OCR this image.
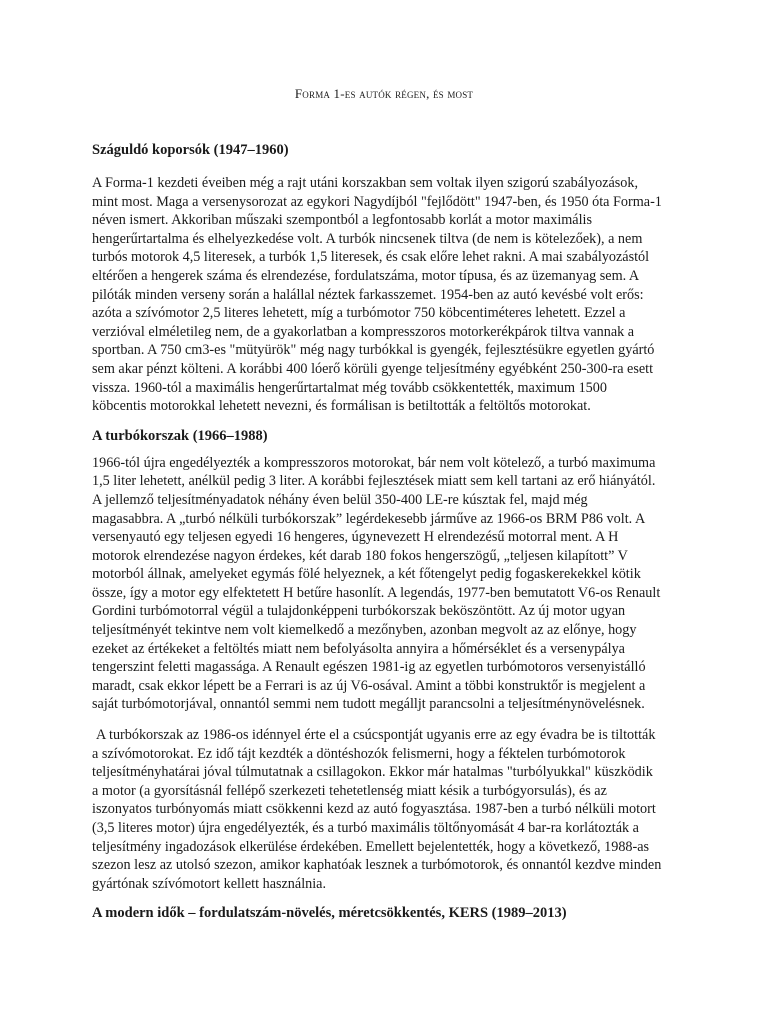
Forma 1-es autók régen, és most
Száguldó koporsók (1947–1960)

A Forma-1 kezdeti éveiben még a rajt utáni korszakban sem voltak ilyen szigorú szabályozások, mint most. Maga a versenysorozat az egykori Nagydíjból "fejlődött" 1947-ben, és 1950 óta Forma-1 néven ismert. Akkoriban műszaki szempontból a legfontosabb korlát a motor maximális hengerűrtartalma és elhelyezkedése volt. A turbók nincsenek tiltva (de nem is kötelezőek), a nem turbós motorok 4,5 literesek, a turbók 1,5 literesek, és csak előre lehet rakni. A mai szabályozástól eltérően a hengerek száma és elrendezése, fordulatszáma, motor típusa, és az üzemanyag sem. A pilóták minden verseny során a halállal néztek farkasszemet. 1954-ben az autó kevésbé volt erős: azóta a szívómotor 2,5 literes lehetett, míg a turbómotor 750 köbcentiméteres lehetett. Ezzel a verzióval elméletileg nem, de a gyakorlatban a kompresszoros motorkerékpárok tiltva vannak a sportban. A 750 cm3-es "mütyürök" még nagy turbókkal is gyengék, fejlesztésükre egyetlen gyártó sem akar pénzt költeni. A korábbi 400 lóerő körüli gyenge teljesítmény egyébként 250-300-ra esett vissza. 1960-tól a maximális hengerűrtartalmat még tovább csökkentették, maximum 1500 köbcentis motorokkal lehetett nevezni, és formálisan is betiltották a feltöltős motorokat.

A turbókorszak (1966–1988)

1966-tól újra engedélyezték a kompresszoros motorokat, bár nem volt kötelező, a turbó maximuma 1,5 liter lehetett, anélkül pedig 3 liter. A korábbi fejlesztések miatt sem kell tartani az erő hiányától. A jellemző teljesítményadatok néhány éven belül 350-400 LE-re kúsztak fel, majd még magasabbra. A „turbó nélküli turbókorszak” legérdekesebb járműve az 1966-os BRM P86 volt. A versenyautó egy teljesen egyedi 16 hengeres, úgynevezett H elrendezésű motorral ment. A H motorok elrendezése nagyon érdekes, két darab 180 fokos hengerszögű, „teljesen kilapított” V motorból állnak, amelyeket egymás fölé helyeznek, a két főtengelyt pedig fogaskerekekkel kötik össze, így a motor egy elfektetett H betűre hasonlít. A legendás, 1977-ben bemutatott V6-os Renault Gordini turbómotorral végül a tulajdonképpeni turbókorszak beköszöntött. Az új motor ugyan teljesítményét tekintve nem volt kiemelkedő a mezőnyben, azonban megvolt az az előnye, hogy ezeket az értékeket a feltöltés miatt nem befolyásolta annyira a hőmérséklet és a versenypálya tengerszint feletti magassága. A Renault egészen 1981-ig az egyetlen turbómotoros versenyistálló maradt, csak ekkor lépett be a Ferrari is az új V6-osával. Amint a többi konstruktőr is megjelent a saját turbómotorjával, onnantól semmi nem tudott megálljt parancsolni a teljesítménynövelésnek.

A turbókorszak az 1986-os idénnyel érte el a csúcspontját ugyanis erre az egy évadra be is tiltották a szívómotorokat. Ez idő tájt kezdték a döntéshozók felismerni, hogy a féktelen turbómotorok teljesítményhatárai jóval túlmutatnak a csillagokon. Ekkor már hatalmas "turbólyukkal" küszködik a motor (a gyorsításnál fellépő szerkezeti tehetetlenség miatt késik a turbógyorsulás), és az iszonyatos turbónyomás miatt csökkenni kezd az autó fogyasztása. 1987-ben a turbó nélküli motort (3,5 literes motor) újra engedélyezték, és a turbó maximális töltőnyomását 4 bar-ra korlátozták a teljesítmény ingadozások elkerülése érdekében. Emellett bejelentették, hogy a következő, 1988-as szezon lesz az utolsó szezon, amikor kaphatóak lesznek a turbómotorok, és onnantól kezdve minden gyártónak szívómotort kellett használnia.

A modern idők – fordulatszám-növelés, méretcsökkentés, KERS (1989–2013)
